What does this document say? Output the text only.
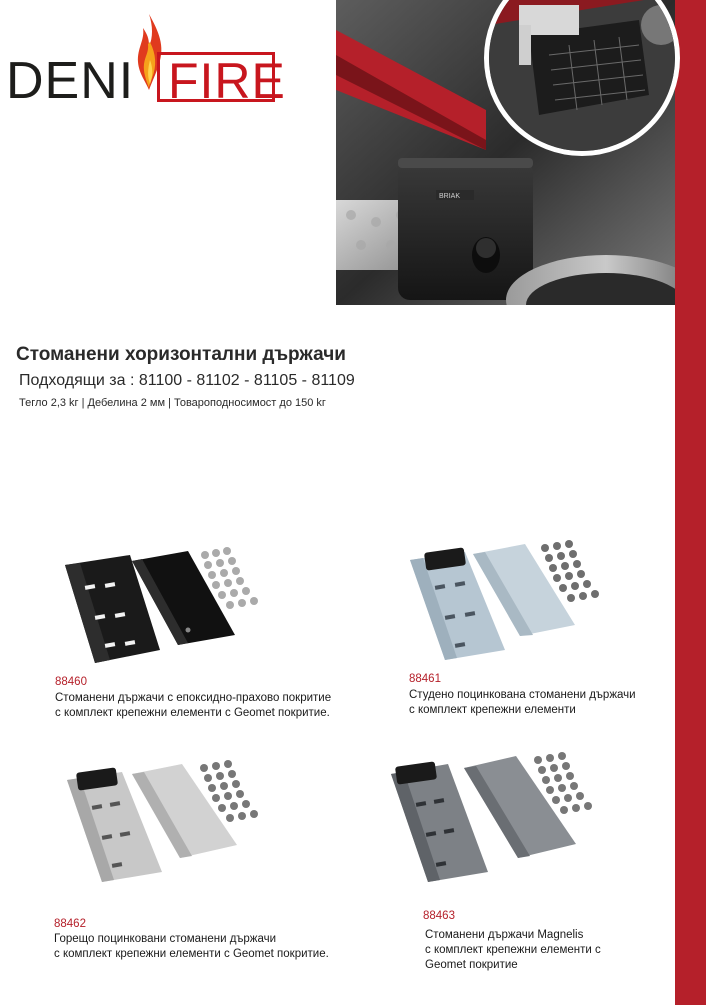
DENI FIRE
BRIAK
Стоманени хоризонтални държачи
Подходящи за : 81100 - 81102 - 81105 - 81109
Тегло 2,3 kг | Дебелина 2 мм | Товароподносимост до 150 kг
88460
Стоманени държачи с епоксидно-прахово покритие
с комплект крепежни елементи с Geomet покритие.
88461
Студено поцинкована стоманени държачи
с комплект крепежни елементи
88462
Горещо поцинковани стоманени държачи
с комплект крепежни елементи с Geomet покритие.
88463
Стоманени държачи Magnelis
с комплект крепежни елементи с
Geomet покритие
